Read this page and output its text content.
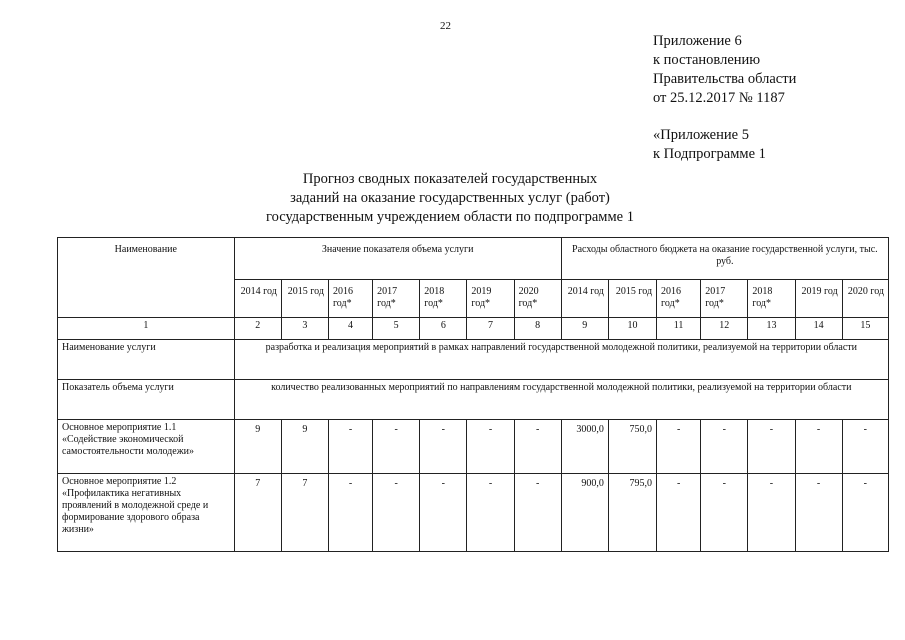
22
Приложение 6
к постановлению
Правительства области
от 25.12.2017 № 1187
«Приложение 5
к Подпрограмме 1
Прогноз сводных показателей государственных
заданий на оказание государственных услуг (работ)
государственным учреждением области по подпрограмме 1
Наименование	Значение показателя объема услуги							Расходы областного бюджета на оказание государственной услуги, тыс. руб.						
	2014 год	2015 год	2016 год*	2017 год*	2018 год*	2019 год*	2020 год*	2014 год	2015 год	2016 год*	2017 год*	2018 год*	2019 год	2020 год
1	2	3	4	5	6	7	8	9	10	11	12	13	14	15
Наименование услуги	разработка и реализация мероприятий в рамках направлений государственной молодежной политики, реализуемой на территории области													
Показатель объема услуги	количество реализованных мероприятий по направлениям государственной молодежной политики, реализуемой на территории области													
Основное мероприятие 1.1 «Содействие экономической самостоятельности молодежи»	9	9	-	-	-	-	-	3000,0	750,0	-	-	-	-	-
Основное мероприятие 1.2 «Профилактика негативных проявлений в молодежной среде и формирование здорового образа жизни»	7	7	-	-	-	-	-	900,0	795,0	-	-	-	-	-
